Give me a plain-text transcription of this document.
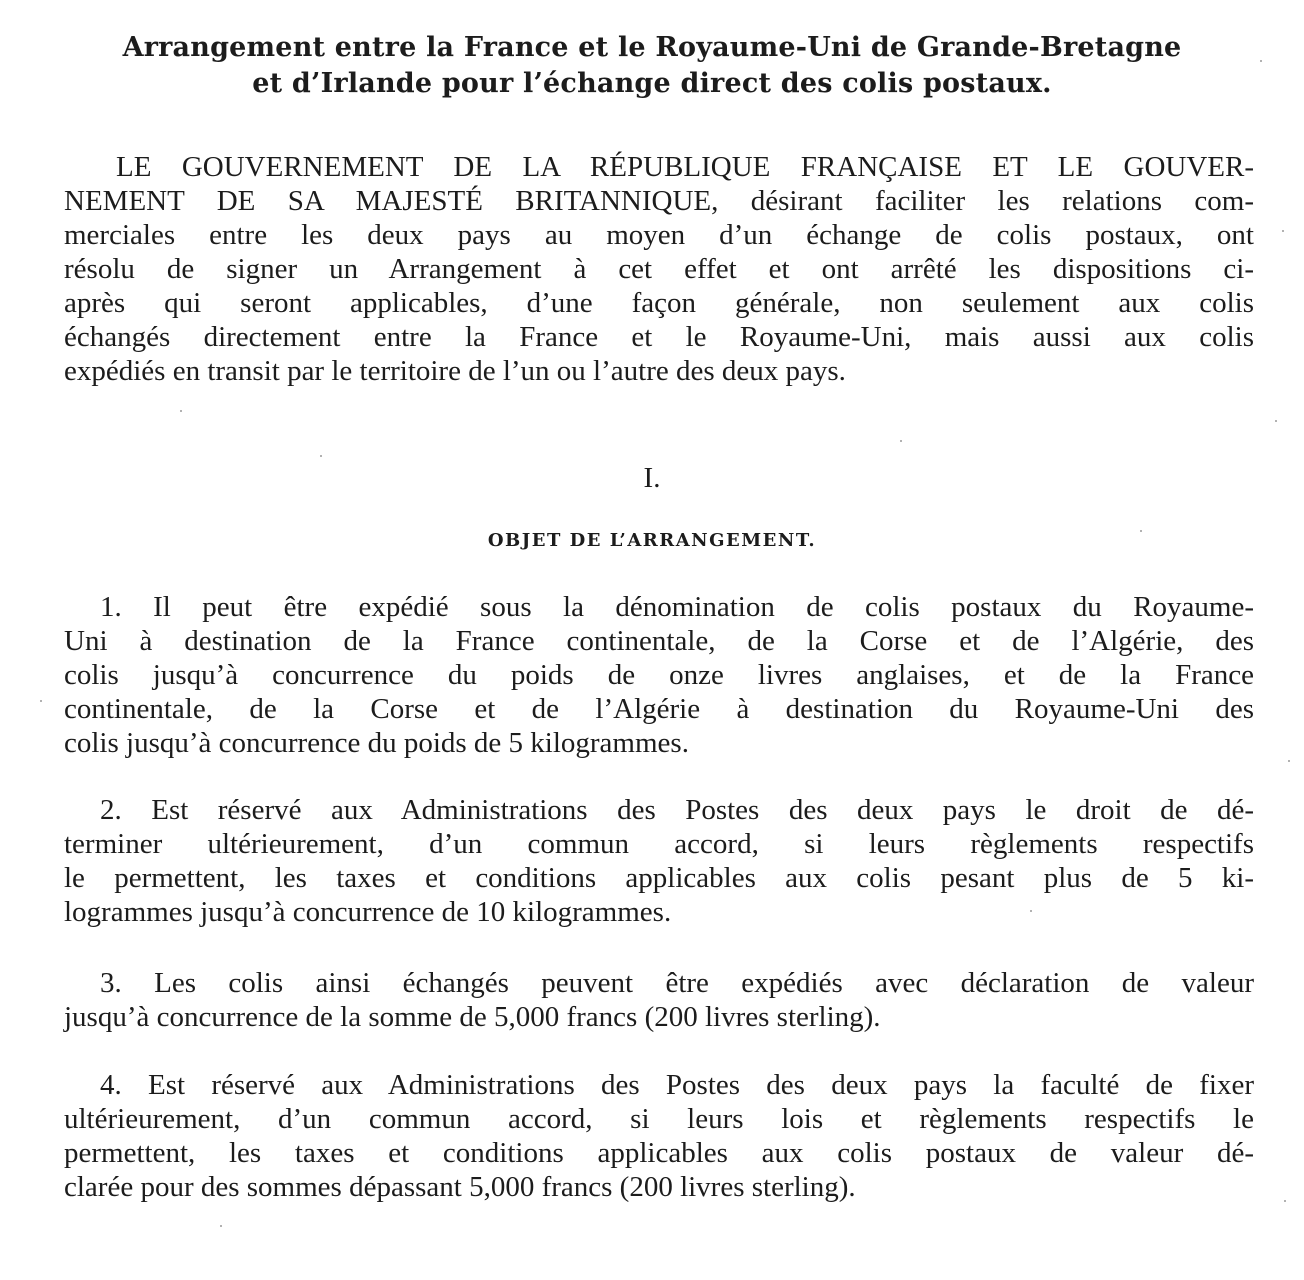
Arrangement entre la France et le Royaume-Uni de Grande-Bretagne
et d’Irlande pour l’échange direct des colis postaux.
LE GOUVERNEMENT DE LA RÉPUBLIQUE FRANÇAISE ET LE GOUVER-
NEMENT DE SA MAJESTÉ BRITANNIQUE, désirant faciliter les relations com-
merciales entre les deux pays au moyen d’un échange de colis postaux, ont
résolu de signer un Arrangement à cet effet et ont arrêté les dispositions ci-
après qui seront applicables, d’une façon générale, non seulement aux colis
échangés directement entre la France et le Royaume-Uni, mais aussi aux colis
expédiés en transit par le territoire de l’un ou l’autre des deux pays.
I.
OBJET DE L’ARRANGEMENT.
1. Il peut être expédié sous la dénomination de colis postaux du Royaume-
Uni à destination de la France continentale, de la Corse et de l’Algérie, des
colis jusqu’à concurrence du poids de onze livres anglaises, et de la France
continentale, de la Corse et de l’Algérie à destination du Royaume-Uni des
colis jusqu’à concurrence du poids de 5 kilogrammes.
2. Est réservé aux Administrations des Postes des deux pays le droit de dé-
terminer ultérieurement, d’un commun accord, si leurs règlements respectifs
le permettent, les taxes et conditions applicables aux colis pesant plus de 5 ki-
logrammes jusqu’à concurrence de 10 kilogrammes.
3. Les colis ainsi échangés peuvent être expédiés avec déclaration de valeur
jusqu’à concurrence de la somme de 5,000 francs (200 livres sterling).
4. Est réservé aux Administrations des Postes des deux pays la faculté de fixer
ultérieurement, d’un commun accord, si leurs lois et règlements respectifs le
permettent, les taxes et conditions applicables aux colis postaux de valeur dé-
clarée pour des sommes dépassant 5,000 francs (200 livres sterling).
